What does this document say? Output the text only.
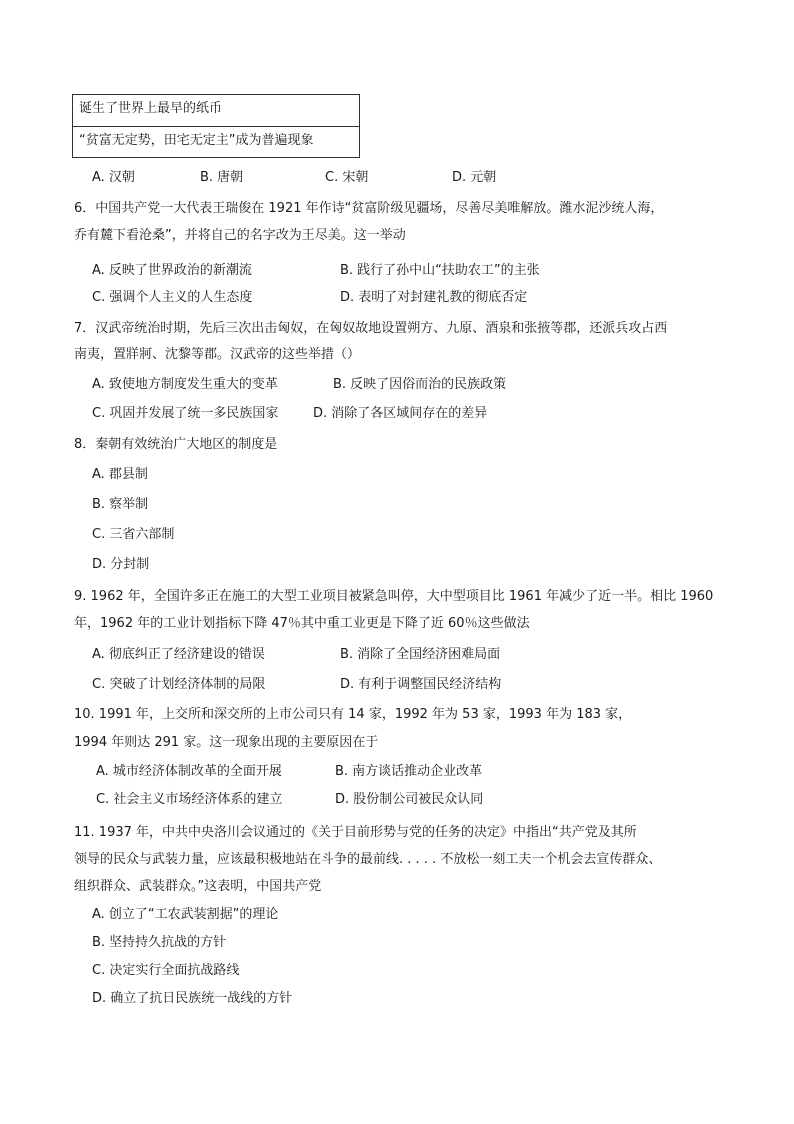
诞生了世界上最早的纸币
“贫富无定势，田宅无定主”成为普遍现象
A. 汉朝	B. 唐朝	C. 宋朝	D. 元朝
6．中国共产党一大代表王瑞俊在 1921 年作诗“贫富阶级见疆场，尽善尽美唯解放。潍水泥沙统人海，
乔有麓下看沧桑”，并将自己的名字改为王尽美。这一举动
A. 反映了世界政治的新潮流	B. 践行了孙中山“扶助农工”的主张
C. 强调个人主义的人生态度	D. 表明了对封建礼教的彻底否定
7．汉武帝统治时期，先后三次出击匈奴，在匈奴故地设置朔方、九原、酒泉和张掖等郡，还派兵攻占西
南夷，置牂牁、沈黎等郡。汉武帝的这些举措（）
A. 致使地方制度发生重大的变革	B. 反映了因俗而治的民族政策
C. 巩固并发展了统一多民族国家	D. 消除了各区域间存在的差异
8．秦朝有效统治广大地区的制度是
A. 郡县制
B. 察举制
C. 三省六部制
D. 分封制
9. 1962 年，全国许多正在施工的大型工业项目被紧急叫停，大中型项目比 1961 年减少了近一半。相比 1960
年，1962 年的工业计划指标下降 47％其中重工业更是下降了近 60％这些做法
A. 彻底纠正了经济建设的错误	B. 消除了全国经济困难局面
C. 突破了计划经济体制的局限	D. 有利于调整国民经济结构
10. 1991 年，上交所和深交所的上市公司只有 14 家，1992 年为 53 家，1993 年为 183 家，
1994 年则达 291 家。这一现象出现的主要原因在于
A. 城市经济体制改革的全面开展	B. 南方谈话推动企业改革
C. 社会主义市场经济体系的建立	D. 股份制公司被民众认同
11. 1937 年，中共中央洛川会议通过的《关于目前形势与党的任务的决定》中指出“共产党及其所
领导的民众与武装力量，应该最积极地站在斗争的最前线. . . . . 不放松一刻工夫一个机会去宣传群众、
组织群众、武装群众。”这表明，中国共产党
A. 创立了“工农武装割据”的理论
B. 坚持持久抗战的方针
C. 决定实行全面抗战路线
D. 确立了抗日民族统一战线的方针
